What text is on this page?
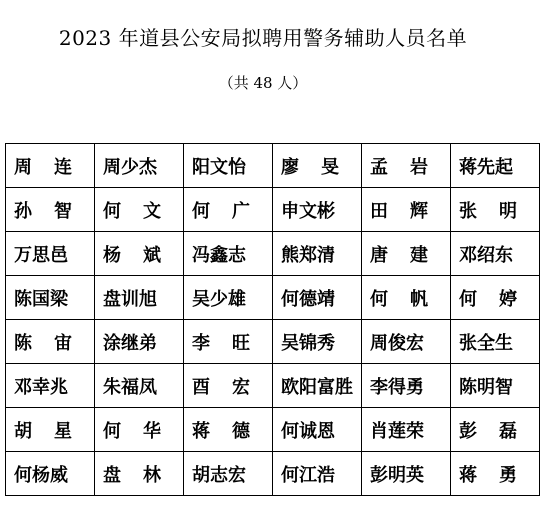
2023 年道县公安局拟聘用警务辅助人员名单
（共 48 人）
周连	周少杰	阳文怡	廖旻	孟岩	蒋先起
孙智	何文	何广	申文彬	田辉	张明
万思邑	杨斌	冯鑫志	熊郑清	唐建	邓绍东
陈国梁	盘训旭	吴少雄	何德靖	何帆	何婷
陈宙	涂继弟	李旺	吴锦秀	周俊宏	张全生
邓幸兆	朱福凤	酉宏	欧阳富胜	李得勇	陈明智
胡星	何华	蒋德	何诚恩	肖莲荣	彭磊
何杨威	盘林	胡志宏	何江浩	彭明英	蒋勇
